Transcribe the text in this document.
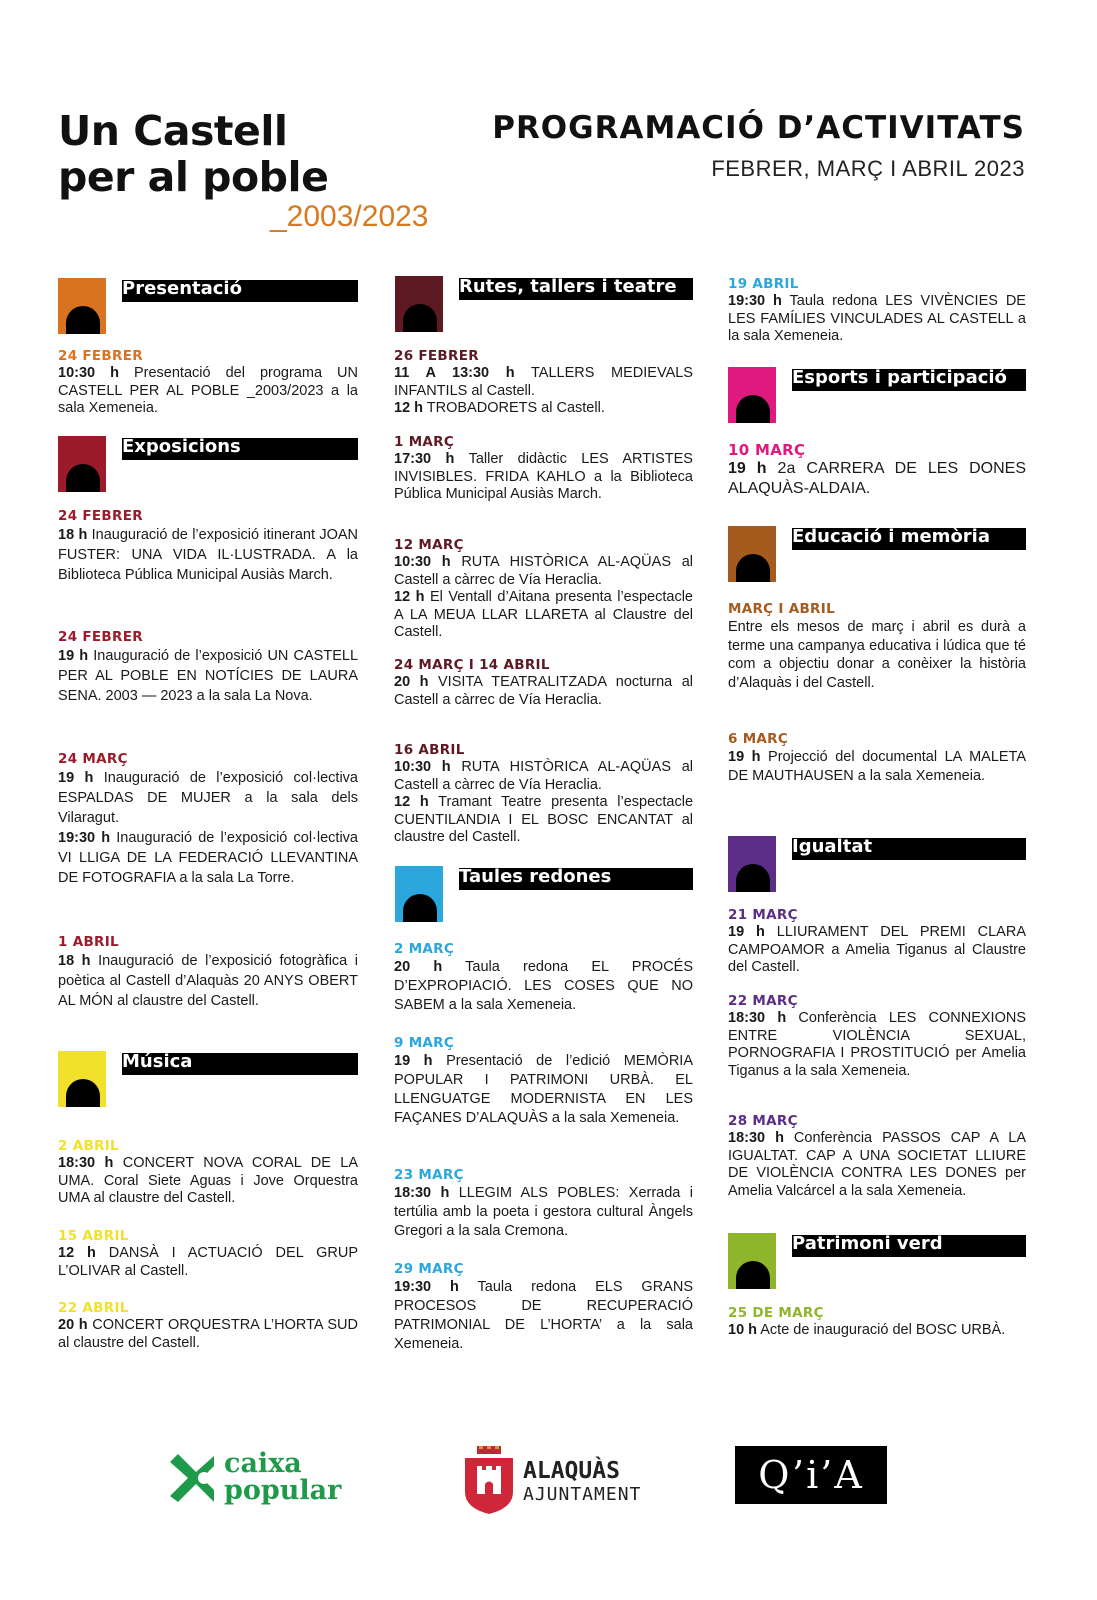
Un Castell
per al poble
_2003/2023
PROGRAMACIÓ D’ACTIVITATS
FEBRER, MARÇ I ABRIL 2023
Presentació
24 FEBRER
10:30 h Presentació del programa UN CASTELL PER AL POBLE _2003/2023 a la sala Xemeneia.
Exposicions
24 FEBRER
18 h Inauguració de l’exposició itinerant JOAN FUSTER: UNA VIDA IL·LUSTRADA. A la Biblioteca Pública Municipal Ausiàs March.
24 FEBRER
19 h Inauguració de l’exposició UN CASTELL PER AL POBLE EN NOTÍCIES DE LAURA SENA. 2003 — 2023 a la sala La Nova.
24 MARÇ
19 h Inauguració de l’exposició col·lectiva ESPALDAS DE MUJER a la sala dels Vilaragut.
19:30 h Inauguració de l’exposició col·lectiva VI LLIGA DE LA FEDERACIÓ LLEVANTINA DE FOTOGRAFIA a la sala La Torre.
1 ABRIL
18 h Inauguració de l’exposició fotogràfica i poètica al Castell d’Alaquàs 20 ANYS OBERT AL MÓN al claustre del Castell.
Música
2 ABRIL
18:30 h CONCERT NOVA CORAL DE LA UMA. Coral Siete Aguas i Jove Orquestra UMA al claustre del Castell.
15 ABRIL
12 h DANSÀ I ACTUACIÓ DEL GRUP L’OLIVAR al Castell.
22 ABRIL
20 h CONCERT ORQUESTRA L’HORTA SUD al claustre del Castell.
Rutes, tallers i teatre
26 FEBRER
11 A 13:30 h TALLERS MEDIEVALS INFANTILS al Castell.
12 h TROBADORETS al Castell.
1 MARÇ
17:30 h Taller didàctic LES ARTISTES INVISIBLES. FRIDA KAHLO a la Biblioteca Pública Municipal Ausiàs March.
12 MARÇ
10:30 h RUTA HISTÒRICA AL-AQÜAS al Castell a càrrec de Vía Heraclia.
12 h El Ventall d’Aitana presenta l’espectacle A LA MEUA LLAR LLARETA al Claustre del Castell.
24 MARÇ I 14 ABRIL
20 h VISITA TEATRALITZADA nocturna al Castell a càrrec de Vía Heraclia.
16 ABRIL
10:30 h RUTA HISTÒRICA AL-AQÜAS al Castell a càrrec de Vía Heraclia.
12 h Tramant Teatre presenta l’espectacle CUENTILANDIA I EL BOSC ENCANTAT al claustre del Castell.
Taules redones
2 MARÇ
20 h Taula redona EL PROCÉS D’EXPROPIACIÓ. LES COSES QUE NO SABEM a la sala Xemeneia.
9 MARÇ
19 h Presentació de l’edició MEMÒRIA POPULAR I PATRIMONI URBÀ. EL LLENGUATGE MODERNISTA EN LES FAÇANES D’ALAQUÀS a la sala Xemeneia.
23 MARÇ
18:30 h LLEGIM ALS POBLES: Xerrada i tertúlia amb la poeta i gestora cultural Àngels Gregori a la sala Cremona.
29 MARÇ
19:30 h Taula redona ELS GRANS PROCESOS DE RECUPERACIÓ PATRIMONIAL DE L’HORTA’ a la sala Xemeneia.
19 ABRIL
19:30 h Taula redona LES VIVÈNCIES DE LES FAMÍLIES VINCULADES AL CASTELL a la sala Xemeneia.
Esports i participació
10 MARÇ
19 h 2a CARRERA DE LES DONES ALAQUÀS-ALDAIA.
Educació i memòria
MARÇ I ABRIL
Entre els mesos de març i abril es durà a terme una campanya educativa i lúdica que té com a objectiu donar a conèixer la història d’Alaquàs i del Castell.
6 MARÇ
19 h Projecció del documental LA MALETA DE MAUTHAUSEN a la sala Xemeneia.
Igualtat
21 MARÇ
19 h LLIURAMENT DEL PREMI CLARA CAMPOAMOR a Amelia Tiganus al Claustre del Castell.
22 MARÇ
18:30 h Conferència LES CONNEXIONS ENTRE VIOLÈNCIA SEXUAL, PORNOGRAFIA I PROSTITUCIÓ per Amelia Tiganus a la sala Xemeneia.
28 MARÇ
18:30 h Conferència PASSOS CAP A LA IGUALTAT. CAP A UNA SOCIETAT LLIURE DE VIOLÈNCIA CONTRA LES DONES per Amelia Valcárcel a la sala Xemeneia.
Patrimoni verd
25 DE MARÇ
10 h Acte de inauguració del BOSC URBÀ.
caixa
popular
ALAQUÀS
AJUNTAMENT	Q’i’A
